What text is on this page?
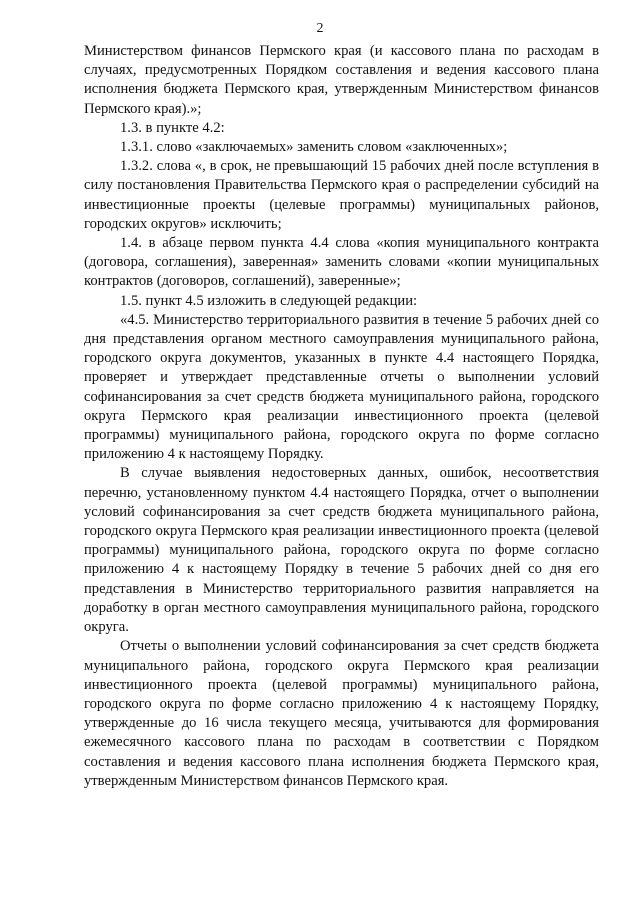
2

Министерством финансов Пермского края (и кассового плана по расходам в случаях, предусмотренных Порядком составления и ведения кассового плана исполнения бюджета Пермского края, утвержденным Министерством финансов Пермского края).»;

1.3. в пункте 4.2:

1.3.1. слово «заключаемых» заменить словом «заключенных»;

1.3.2. слова «, в срок, не превышающий 15 рабочих дней после вступления в силу постановления Правительства Пермского края о распределении субсидий на инвестиционные проекты (целевые программы) муниципальных районов, городских округов» исключить;

1.4. в абзаце первом пункта 4.4 слова «копия муниципального контракта (договора, соглашения), заверенная» заменить словами «копии муниципальных контрактов (договоров, соглашений), заверенные»;

1.5. пункт 4.5 изложить в следующей редакции:

«4.5. Министерство территориального развития в течение 5 рабочих дней со дня представления органом местного самоуправления муниципального района, городского округа документов, указанных в пункте 4.4 настоящего Порядка, проверяет и утверждает представленные отчеты о выполнении условий софинансирования за счет средств бюджета муниципального района, городского округа Пермского края реализации инвестиционного проекта (целевой программы) муниципального района, городского округа по форме согласно приложению 4 к настоящему Порядку.

В случае выявления недостоверных данных, ошибок, несоответствия перечню, установленному пунктом 4.4 настоящего Порядка, отчет о выполнении условий софинансирования за счет средств бюджета муниципального района, городского округа Пермского края реализации инвестиционного проекта (целевой программы) муниципального района, городского округа по форме согласно приложению 4 к настоящему Порядку в течение 5 рабочих дней со дня его представления в Министерство территориального развития направляется на доработку в орган местного самоуправления муниципального района, городского округа.

Отчеты о выполнении условий софинансирования за счет средств бюджета муниципального района, городского округа Пермского края реализации инвестиционного проекта (целевой программы) муниципального района, городского округа по форме согласно приложению 4 к настоящему Порядку, утвержденные до 16 числа текущего месяца, учитываются для формирования ежемесячного кассового плана по расходам в соответствии с Порядком составления и ведения кассового плана исполнения бюджета Пермского края, утвержденным Министерством финансов Пермского края.
